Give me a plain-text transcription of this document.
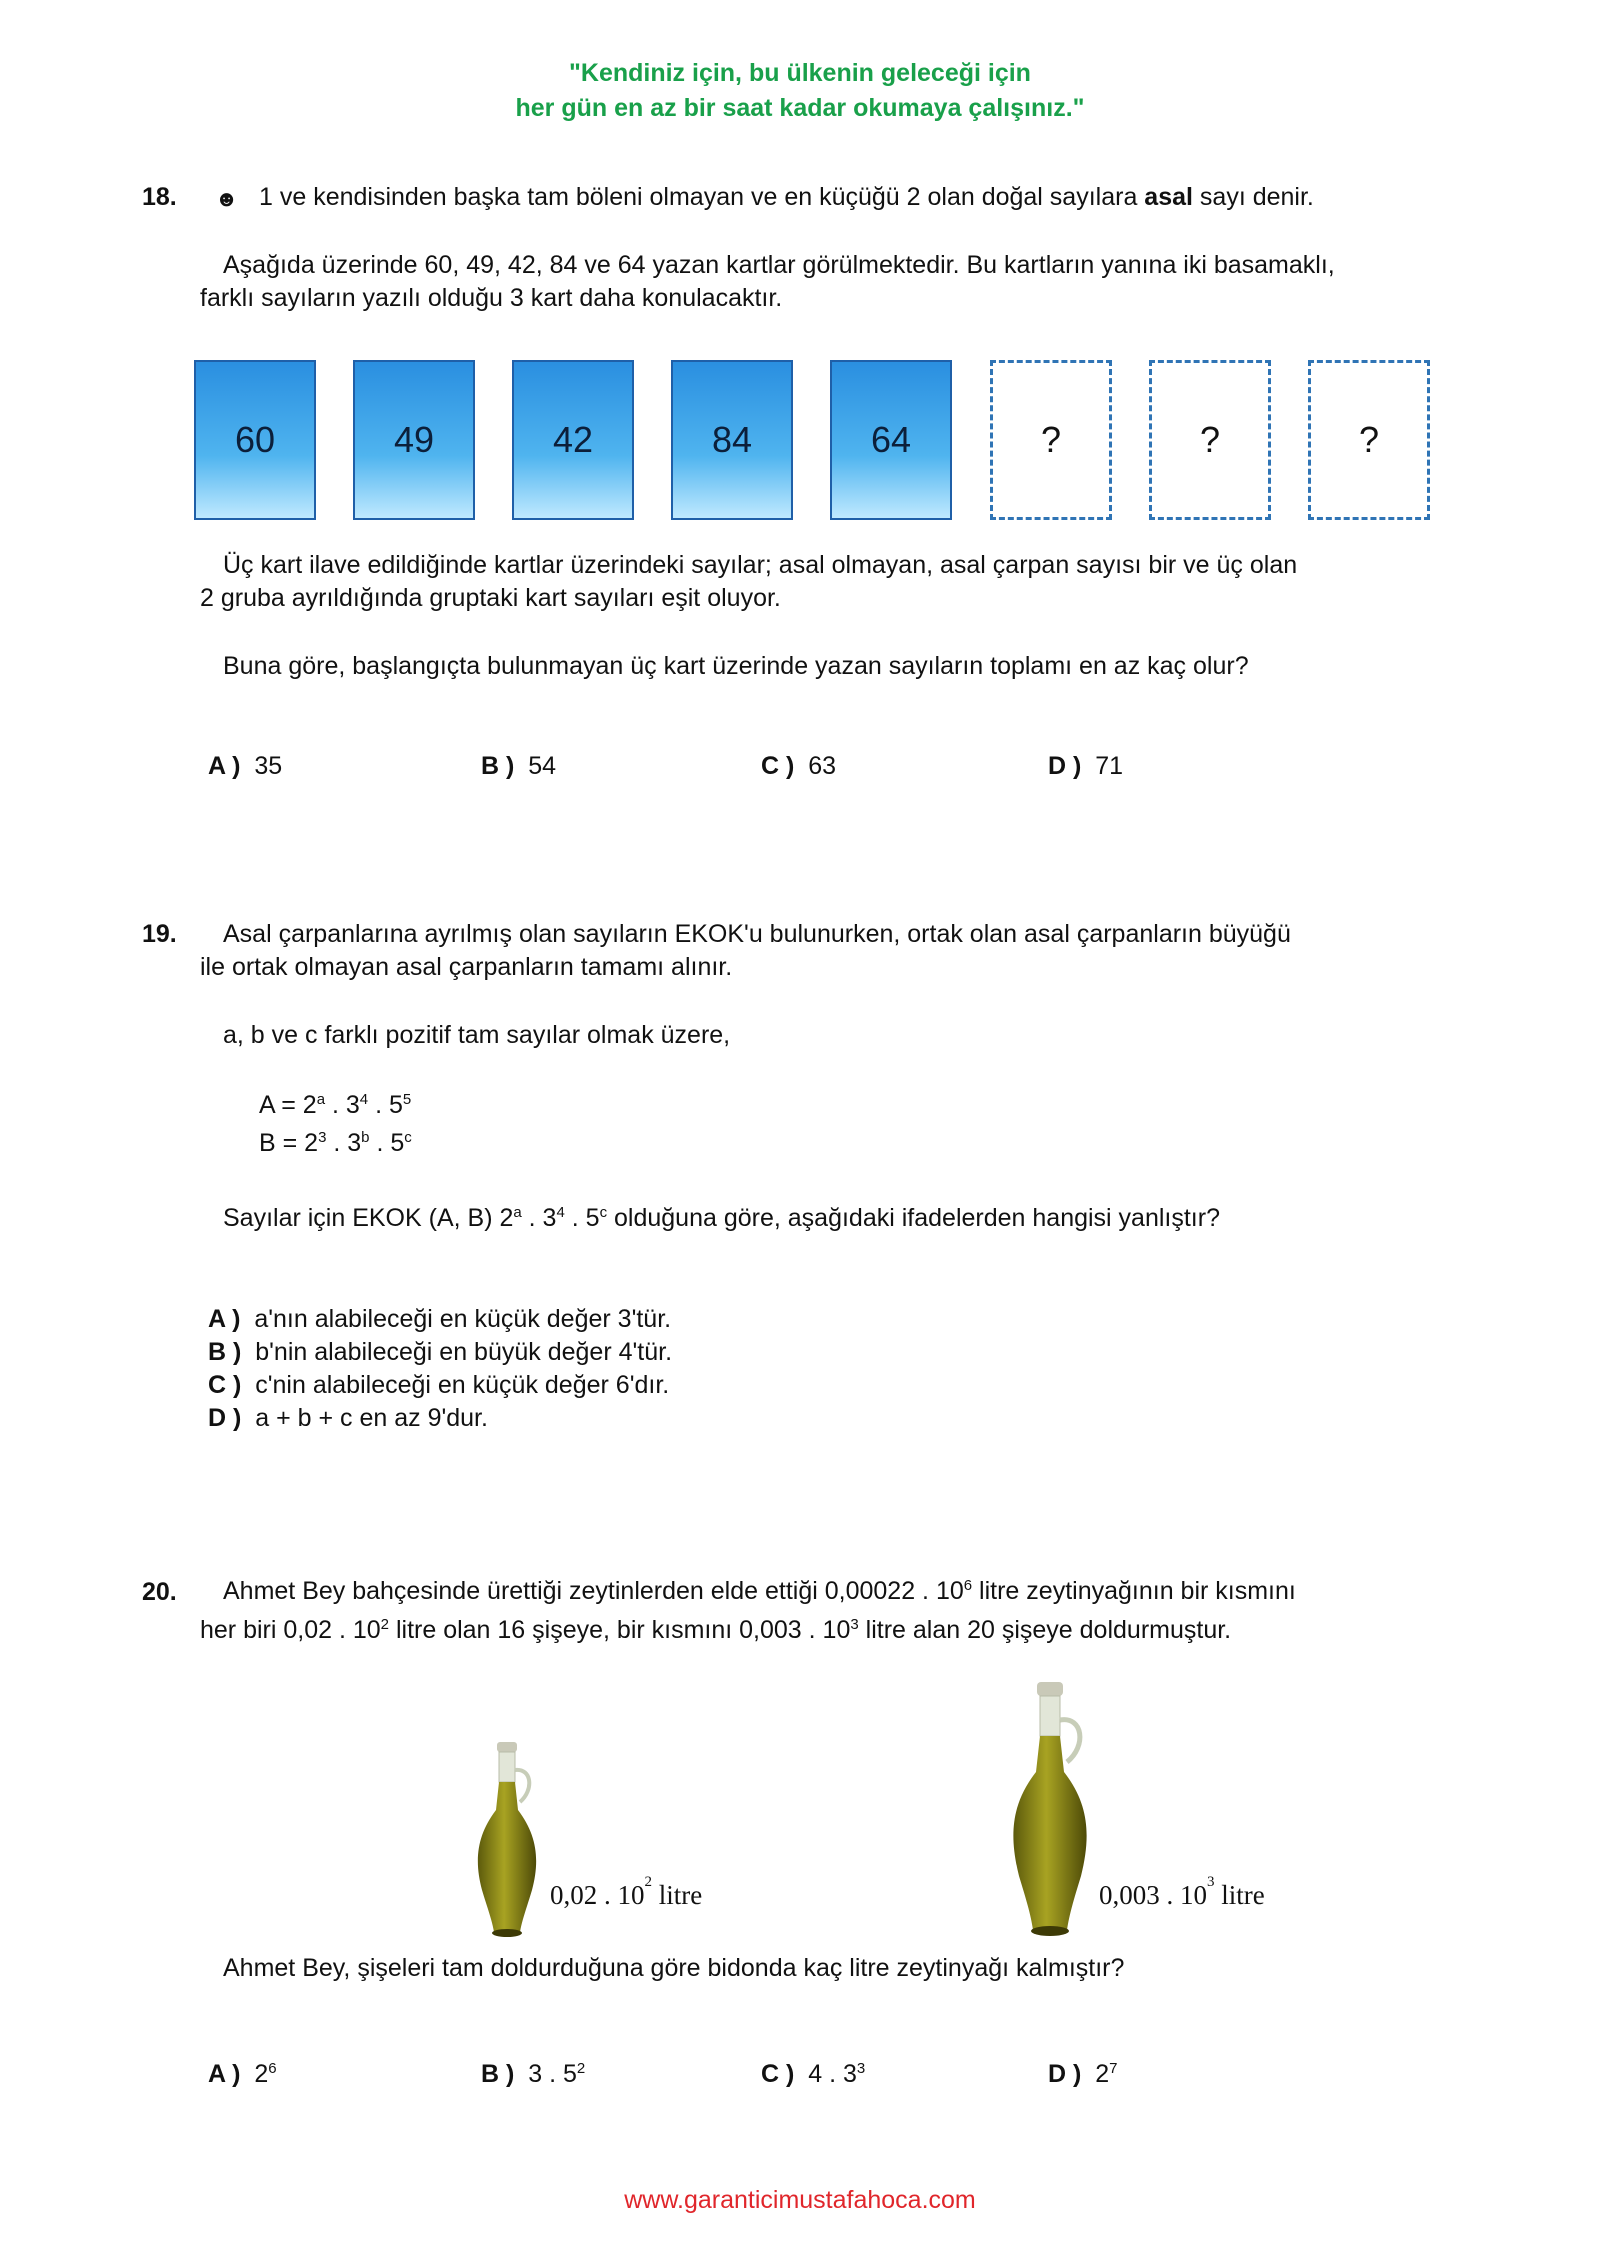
"Kendiniz için, bu ülkenin geleceği için
her gün en az bir saat kadar okumaya çalışınız."
18. ☻ 1 ve kendisinden başka tam böleni olmayan ve en küçüğü 2 olan doğal sayılara asal sayı denir.
Aşağıda üzerinde 60, 49, 42, 84 ve 64 yazan kartlar görülmektedir. Bu kartların yanına iki basamaklı,
farklı sayıların yazılı olduğu 3 kart daha konulacaktır.
60	49	42	84	64	?	?	?
Üç kart ilave edildiğinde kartlar üzerindeki sayılar; asal olmayan, asal çarpan sayısı bir ve üç olan
2 gruba ayrıldığında gruptaki kart sayıları eşit oluyor.
Buna göre, başlangıçta bulunmayan üç kart üzerinde yazan sayıların toplamı en az kaç olur?
A ) 35	B ) 54	C ) 63	D ) 71
19. Asal çarpanlarına ayrılmış olan sayıların EKOK'u bulunurken, ortak olan asal çarpanların büyüğü
ile ortak olmayan asal çarpanların tamamı alınır.
a, b ve c farklı pozitif tam sayılar olmak üzere,
$A = 2^a$ . $3^4$ . $5^5$
$B = 2^3$ . 3$^b$ . 5$^c$
Sayılar için EKOK (A, B) 2$^a$ . $3^4$ . 5$^c$ olduğuna göre, aşağıdaki ifadelerden hangisi yanlıştır?
A ) a'nın alabileceği en küçük değer 3'tür.
B ) b'nin alabileceği en büyük değer 4'tür.
C ) c'nin alabileceği en küçük değer 6'dır.
D ) a + b + c en az 9'dur.
20. Ahmet Bey bahçesinde ürettiği zeytinlerden elde ettiği 0,00022 . $10^6$ litre zeytinyağının bir kısmını
her biri 0,02 . $10^2$ litre olan 16 şişeye, bir kısmını 0,003 . $10^3$ litre alan 20 şişeye doldurmuştur.
0,02 . $10^2$ litre	0,003 . $10^3$ litre
Ahmet Bey, şişeleri tam doldurduğuna göre bidonda kaç litre zeytinyağı kalmıştır?
A ) $2^6$	B ) 3 . $5^2$	C ) 4 . $3^3$	D ) $2^7$
www.garanticimustafahoca.com
